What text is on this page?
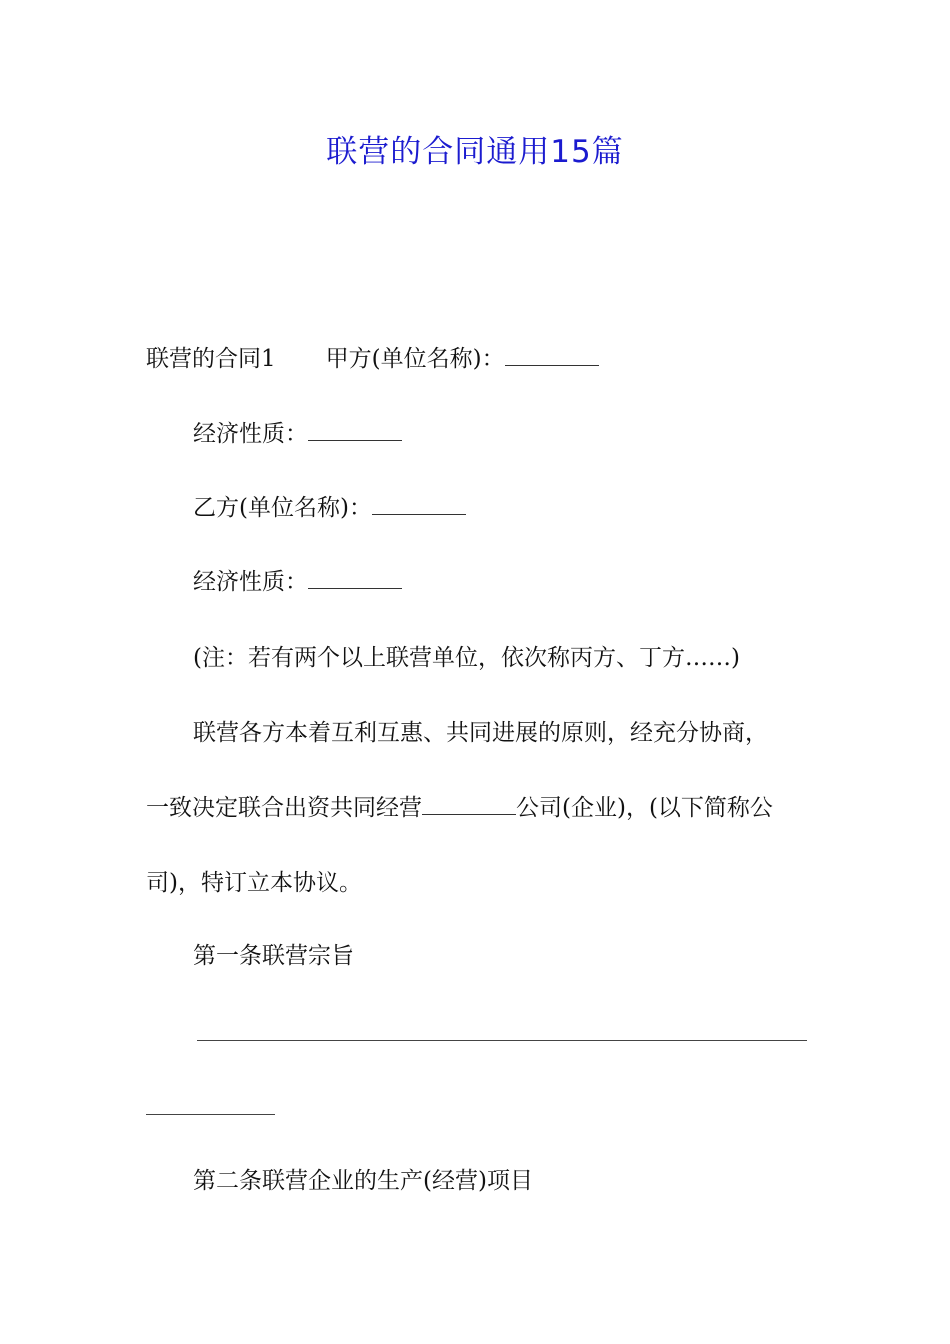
联营的合同通用15篇
联营的合同1 甲方(单位名称)：
经济性质：
乙方(单位名称)：
经济性质：
(注：若有两个以上联营单位，依次称丙方、丁方……)
联营各方本着互利互惠、共同进展的原则，经充分协商，
一致决定联合出资共同经营	公司(企业)，(以下简称公
司)，特订立本协议。
第一条联营宗旨
第二条联营企业的生产(经营)项目
